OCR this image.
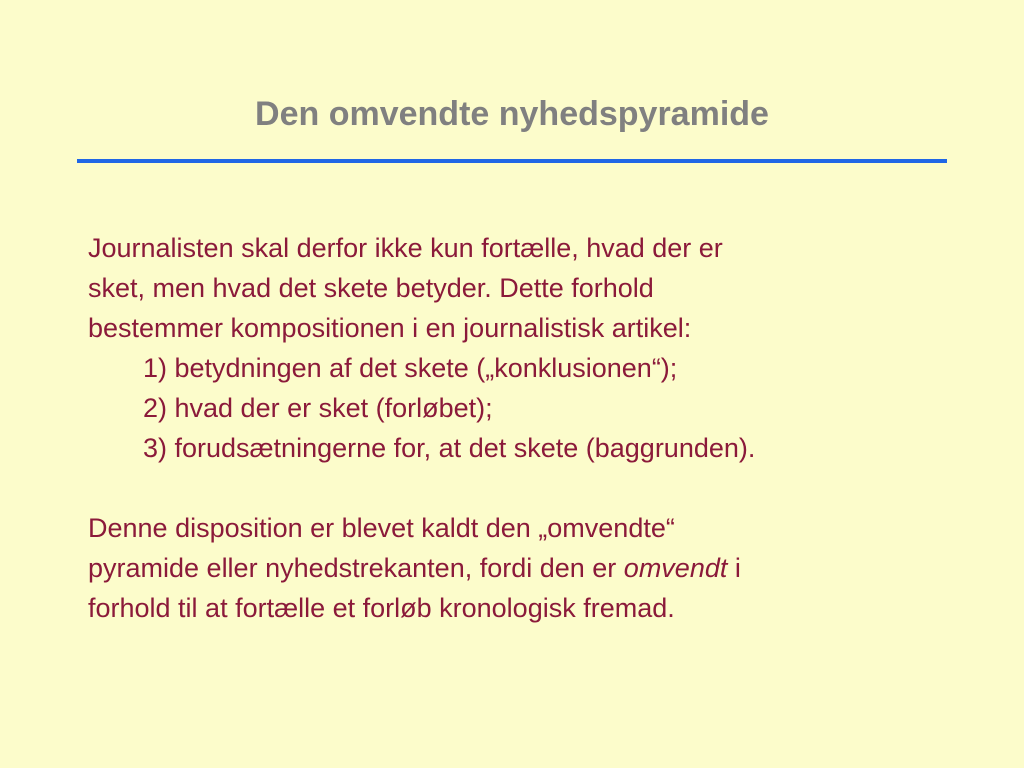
Den omvendte nyhedspyramide

Journalisten skal derfor ikke kun fortælle, hvad der er
sket, men hvad det skete betyder. Dette forhold
bestemmer kompositionen i en journalistisk artikel:

1) betydningen af det skete („konklusionen“);
2) hvad der er sket (forløbet);
3) forudsætningerne for, at det skete (baggrunden).

Denne disposition er blevet kaldt den „omvendte“
pyramide eller nyhedstrekanten, fordi den er omvendt i
forhold til at fortælle et forløb kronologisk fremad.
